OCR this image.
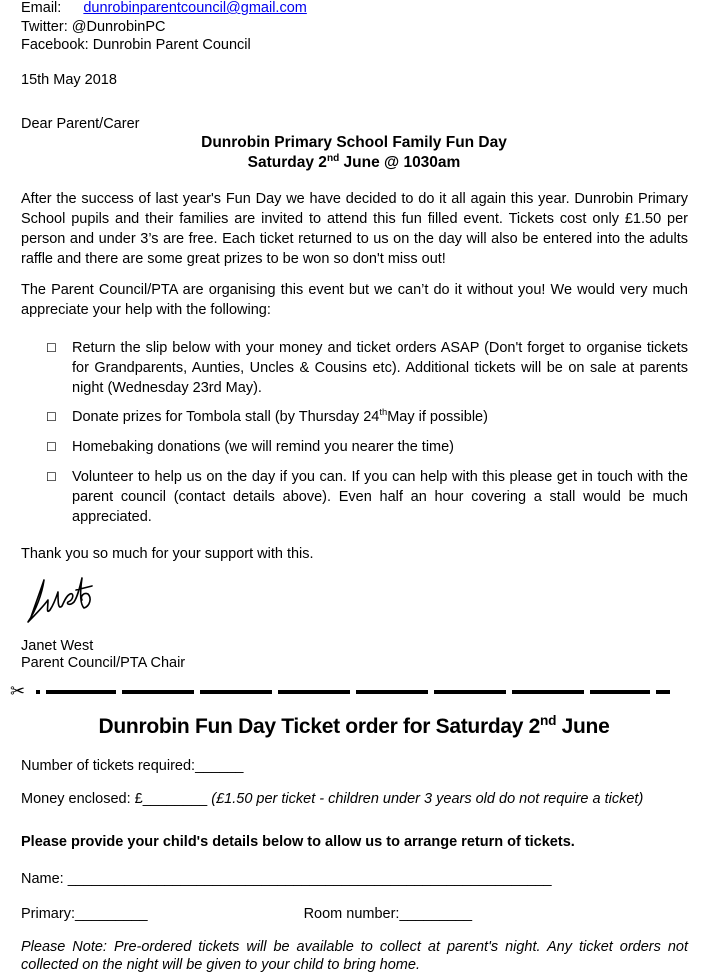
Email: dunrobinparentcouncil@gmail.com
Twitter: @DunrobinPC
Facebook: Dunrobin Parent Council
15th May 2018
Dear Parent/Carer
Dunrobin Primary School Family Fun Day
Saturday 2nd June @ 1030am
After the success of last year's Fun Day we have decided to do it all again this year. Dunrobin Primary School pupils and their families are invited to attend this fun filled event. Tickets cost only £1.50 per person and under 3’s are free. Each ticket returned to us on the day will also be entered into the adults raffle and there are some great prizes to be won so don't miss out!
The Parent Council/PTA are organising this event but we can’t do it without you! We would very much appreciate your help with the following:
☐ Return the slip below with your money and ticket orders ASAP (Don't forget to organise tickets for Grandparents, Aunties, Uncles & Cousins etc). Additional tickets will be on sale at parents night (Wednesday 23rd May).
☐ Donate prizes for Tombola stall (by Thursday 24thMay if possible)
☐ Homebaking donations (we will remind you nearer the time)
☐ Volunteer to help us on the day if you can. If you can help with this please get in touch with the parent council (contact details above). Even half an hour covering a stall would be much appreciated.
Thank you so much for your support with this.
Janet West
Parent Council/PTA Chair
✂
Dunrobin Fun Day Ticket order for Saturday 2nd June
Number of tickets required:______
Money enclosed: £________ (£1.50 per ticket - children under 3 years old do not require a ticket)
Please provide your child's details below to allow us to arrange return of tickets.
Name: ____________________________________________________________
Primary:_________	Room number:_________
Please Note: Pre-ordered tickets will be available to collect at parent's night. Any ticket orders not collected on the night will be given to your child to bring home.
